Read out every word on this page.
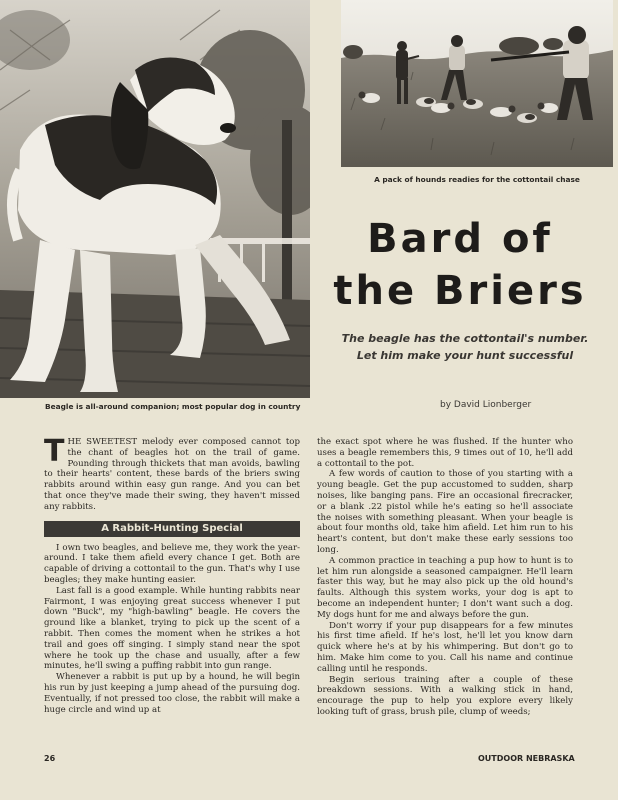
A pack of hounds readies for the cottontail chase
Beagle is all-around companion; most popular dog in country
Bard of
the Briers
The beagle has the cottontail's number.
Let him make your hunt successful
by David Lionberger

THE SWEETEST melody ever composed cannot top the chant of beagles hot on the trail of game. Pounding through thickets that man avoids, bawling to their hearts' content, these bards of the briers swing rabbits around within easy gun range. And you can bet that once they've made their swing, they haven't missed any rabbits.

A Rabbit-Hunting Special

I own two beagles, and believe me, they work the year-around. I take them afield every chance I get. Both are capable of driving a cottontail to the gun. That's why I use beagles; they make hunting easier.

Last fall is a good example. While hunting rabbits near Fairmont, I was enjoying great success whenever I put down "Buck", my "high-bawling" beagle. He covers the ground like a blanket, trying to pick up the scent of a rabbit. Then comes the moment when he strikes a hot trail and goes off singing. I simply stand near the spot where he took up the chase and usually, after a few minutes, he'll swing a puffing rabbit into gun range.

Whenever a rabbit is put up by a hound, he will begin his run by just keeping a jump ahead of the pursuing dog. Eventually, if not pressed too close, the rabbit will make a huge circle and wind up at

the exact spot where he was flushed. If the hunter who uses a beagle remembers this, 9 times out of 10, he'll add a cottontail to the pot.

A few words of caution to those of you starting with a young beagle. Get the pup accustomed to sudden, sharp noises, like banging pans. Fire an occasional firecracker, or a blank .22 pistol while he's eating so he'll associate the noises with something pleasant. When your beagle is about four months old, take him afield. Let him run to his heart's content, but don't make these early sessions too long.

A common practice in teaching a pup how to hunt is to let him run alongside a seasoned campaigner. He'll learn faster this way, but he may also pick up the old hound's faults. Although this system works, your dog is apt to become an independent hunter; I don't want such a dog. My dogs hunt for me and always before the gun.

Don't worry if your pup disappears for a few minutes his first time afield. If he's lost, he'll let you know darn quick where he's at by his whimpering. But don't go to him. Make him come to you. Call his name and continue calling until he responds.

Begin serious training after a couple of these breakdown sessions. With a walking stick in hand, encourage the pup to help you explore every likely looking tuft of grass, brush pile, clump of weeds;

26	OUTDOOR NEBRASKA
